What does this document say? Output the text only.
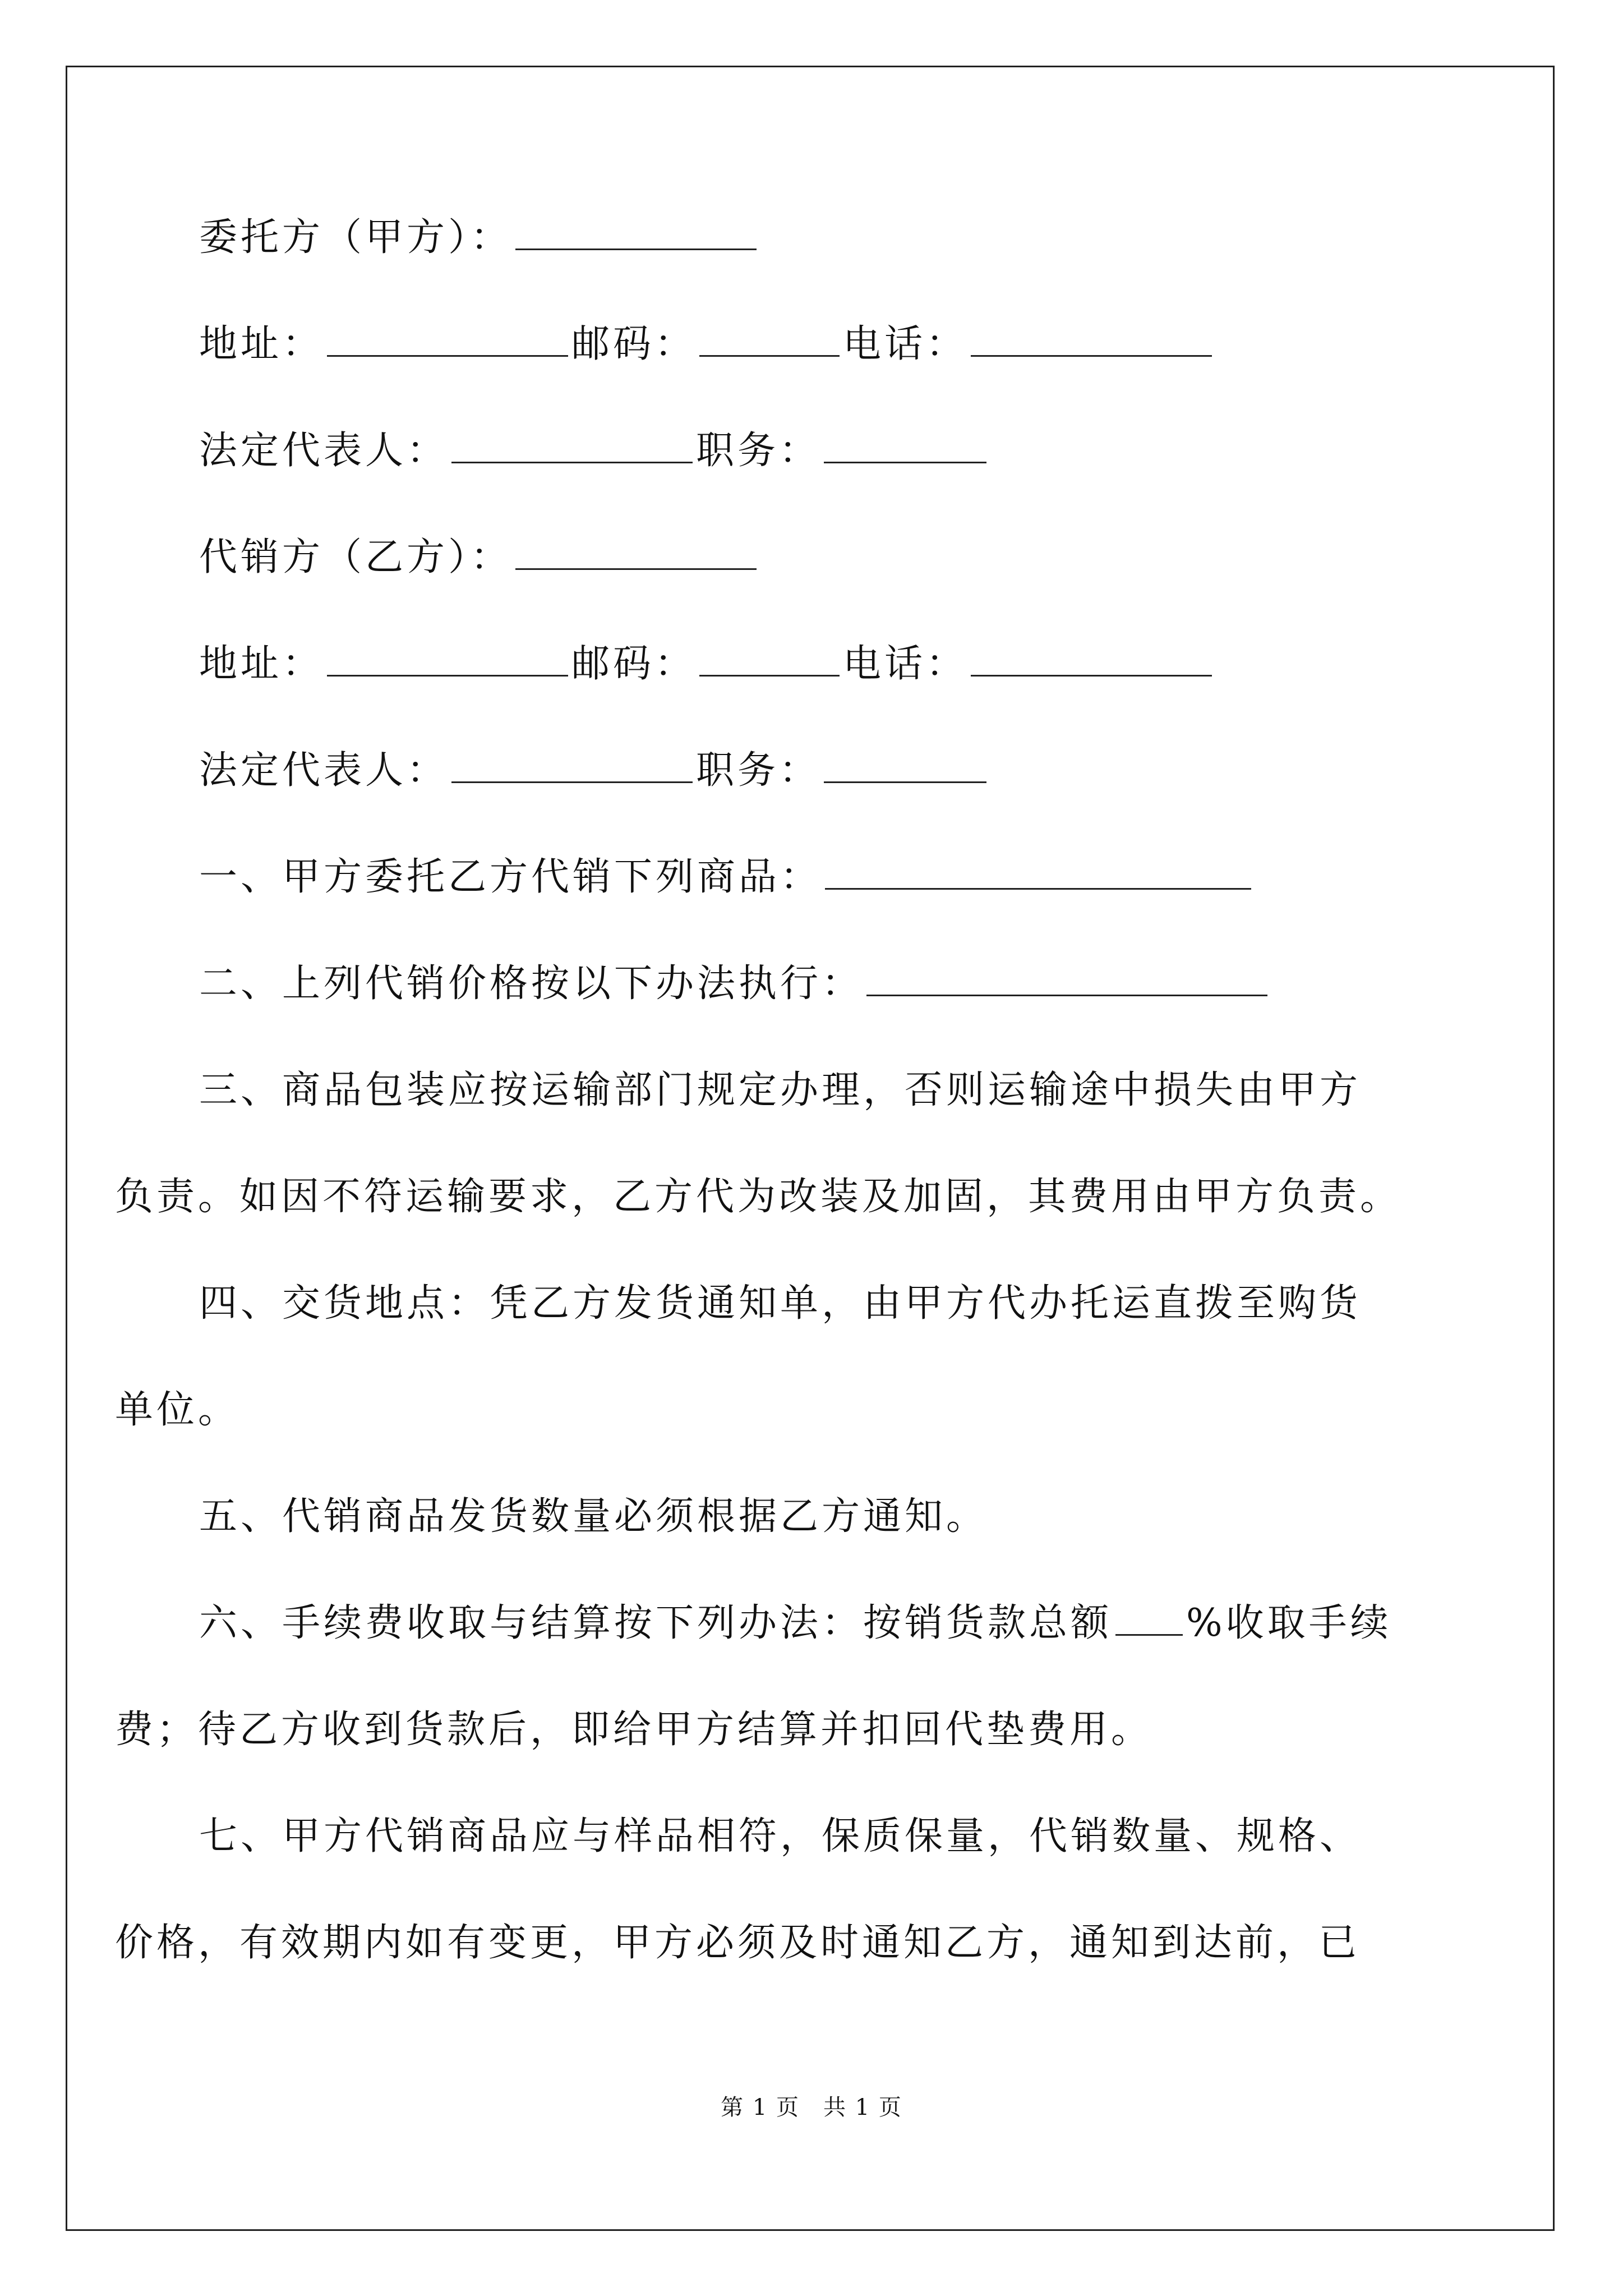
委托方（甲方）：
地址：	邮码：	电话：
法定代表人：	职务：
代销方（乙方）：
地址：	邮码：	电话：
法定代表人：	职务：
一、甲方委托乙方代销下列商品：
二、上列代销价格按以下办法执行：
三、商品包装应按运输部门规定办理，否则运输途中损失由甲方
负责。如因不符运输要求，乙方代为改装及加固，其费用由甲方负责。
四、交货地点：凭乙方发货通知单，由甲方代办托运直拨至购货
单位。
五、代销商品发货数量必须根据乙方通知。
六、手续费收取与结算按下列办法：按销货款总额 %收取手续
费；待乙方收到货款后，即给甲方结算并扣回代垫费用。
七、甲方代销商品应与样品相符，保质保量，代销数量、规格、
价格，有效期内如有变更，甲方必须及时通知乙方，通知到达前，已
第 1 页　共 1 页
